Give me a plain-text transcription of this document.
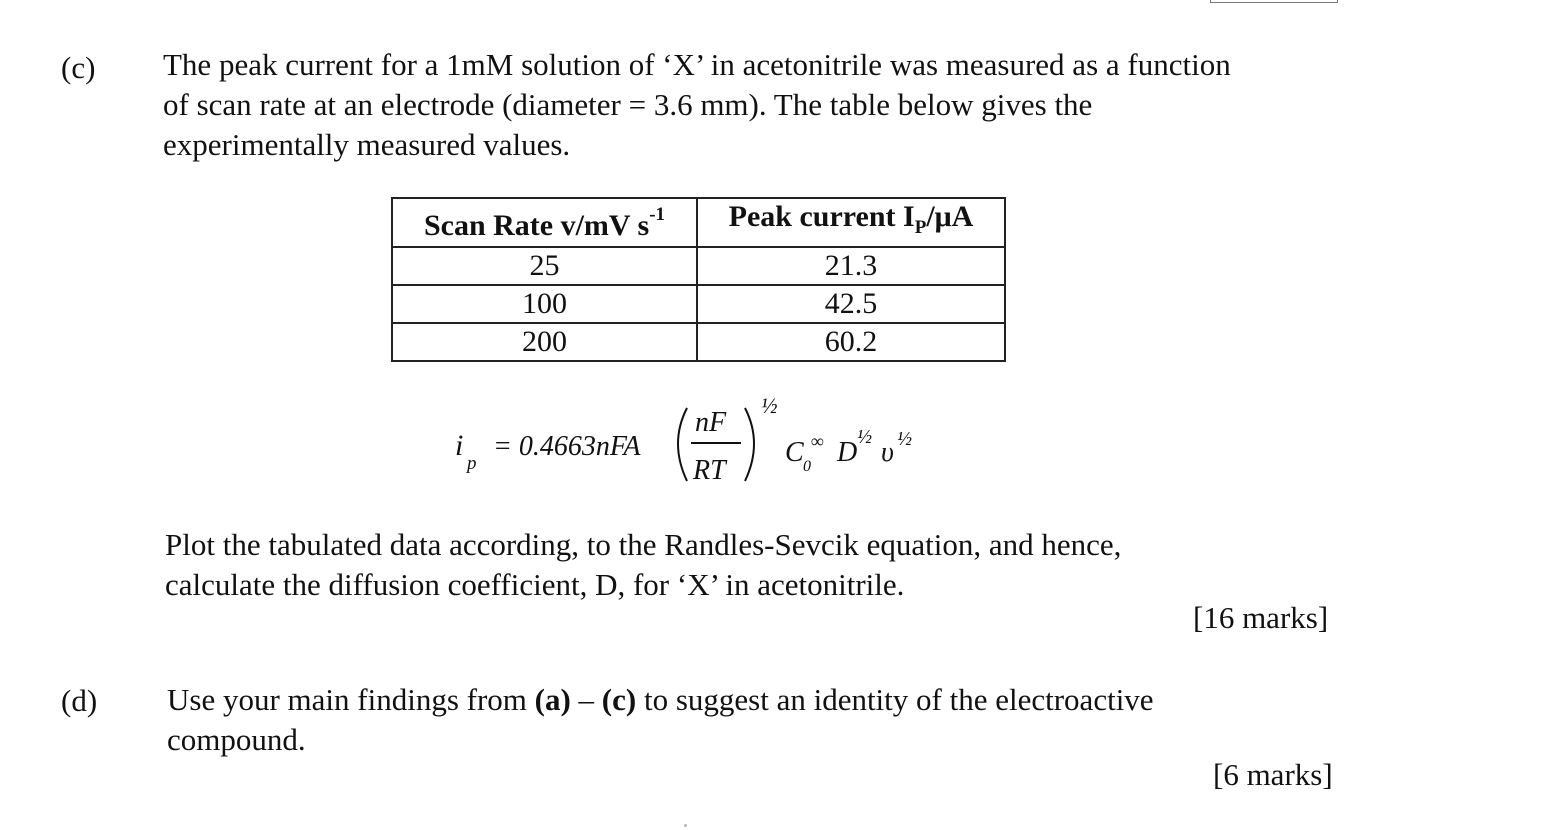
(c) The peak current for a 1mM solution of ‘X’ in acetonitrile was measured as a function
of scan rate at an electrode (diameter = 3.6 mm). The table below gives the
experimentally measured values.
Scan Rate v/mV $s^{-1}$	Peak current $I_P/\mu A$
25	21.3
100	42.5
200	60.2
i
p
= 0.4663nFA
nF
RT
½
C 0
∞ D ½ υ ½
Plot the tabulated data according, to the Randles-Sevcik equation, and hence,
calculate the diffusion coefficient, D, for ‘X’ in acetonitrile.
[16 marks]
(d) Use your main findings from (a) – (c) to suggest an identity of the electroactive
compound.
[6 marks]
